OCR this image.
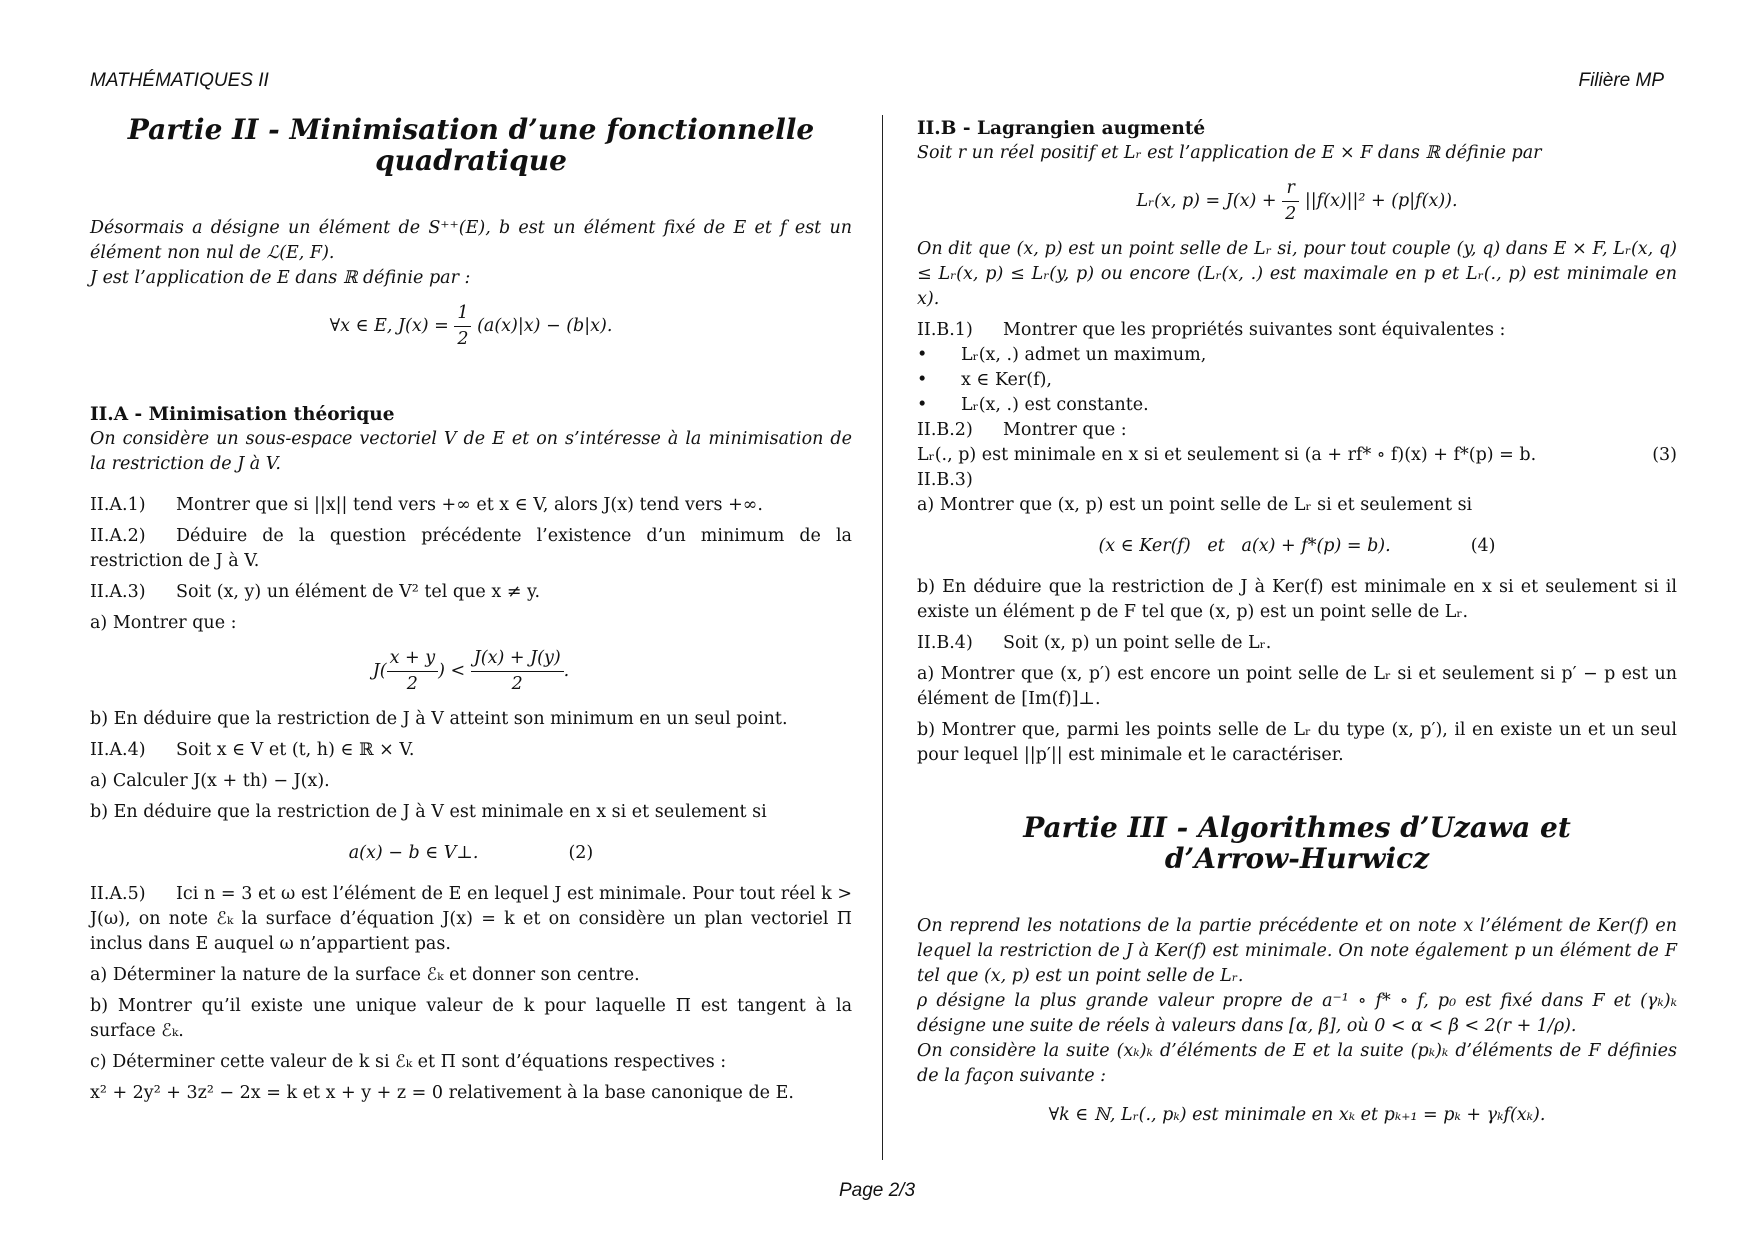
MATHÉMATIQUES II	Filière MP
Partie II - Minimisation d’une fonctionnelle
quadratique

Désormais a désigne un élément de S⁺⁺(E), b est un élément fixé de E et f est un élément non nul de ℒ(E, F).

J est l’application de E dans ℝ définie par :

∀x ∈ E, $J(x) = \frac{1}{2} (a(x)|x) - (b|x)$.

II.A - Minimisation théorique

On considère un sous-espace vectoriel V de E et on s’intéresse à la minimisation de la restriction de J à V.

II.A.1) Montrer que si ||x|| tend vers +∞ et x ∈ V, alors J(x) tend vers +∞.

II.A.2) Déduire de la question précédente l’existence d’un minimum de la restriction de J à V.

II.A.3) Soit (x, y) un élément de V² tel que x ≠ y.

a) Montrer que :

$J( \frac{x + y}{2}$ ) < $\frac{J(x) + J(y)}{2}$ .

b) En déduire que la restriction de J à V atteint son minimum en un seul point.

II.A.4) Soit x ∈ V et (t, h) ∈ ℝ × V.

a) Calculer J(x + th) − J(x).

b) En déduire que la restriction de J à V est minimale en x si et seulement si

a(x) − b ∈ V⊥.	(2)

II.A.5) Ici n = 3 et ω est l’élément de E en lequel J est minimale. Pour tout réel k > J(ω), on note ℰₖ la surface d’équation J(x) = k et on considère un plan vectoriel Π inclus dans E auquel ω n’appartient pas.

a) Déterminer la nature de la surface ℰₖ et donner son centre.

b) Montrer qu’il existe une unique valeur de k pour laquelle Π est tangent à la surface ℰₖ.

c) Déterminer cette valeur de k si ℰₖ et Π sont d’équations respectives :

x² + 2y² + 3z² − 2x = k et x + y + z = 0 relativement à la base canonique de E.

II.B - Lagrangien augmenté

Soit r un réel positif et Lᵣ est l’application de E × F dans ℝ définie par

Lᵣ(x, $p) = J(x) + \frac{r}{2} ||f(x)||^2 + (p|f(x))$.

On dit que (x, p) est un point selle de Lᵣ si, pour tout couple (y, q) dans E × F, Lᵣ(x, q) ≤ Lᵣ(x, p) ≤ Lᵣ(y, p) ou encore (Lᵣ(x, .) est maximale en p et Lᵣ(., p) est minimale en x).

II.B.1) Montrer que les propriétés suivantes sont équivalentes :

• Lᵣ(x, .) admet un maximum,

• x ∈ Ker(f),

• Lᵣ(x, .) est constante.

II.B.2) Montrer que :

Lᵣ(., p) est minimale en x si et seulement si (a + rf* ∘ f)(x) + f*(p) = b.	(3)

II.B.3)

a) Montrer que (x, p) est un point selle de Lᵣ si et seulement si

(x ∈ Ker(f)   et   a(x) + f*(p) = b).	(4)

b) En déduire que la restriction de J à Ker(f) est minimale en x si et seulement si il existe un élément p de F tel que (x, p) est un point selle de Lᵣ.

II.B.4) Soit (x, p) un point selle de Lᵣ.

a) Montrer que (x, p′) est encore un point selle de Lᵣ si et seulement si p′ − p est un élément de [Im(f)]⊥.

b) Montrer que, parmi les points selle de Lᵣ du type (x, p′), il en existe un et un seul pour lequel ||p′|| est minimale et le caractériser.

Partie III - Algorithmes d’Uzawa et
d’Arrow-Hurwicz

On reprend les notations de la partie précédente et on note x l’élément de Ker(f) en lequel la restriction de J à Ker(f) est minimale. On note également p un élément de F tel que (x, p) est un point selle de Lᵣ.

ρ désigne la plus grande valeur propre de a⁻¹ ∘ f* ∘ f, p₀ est fixé dans F et (γₖ)ₖ désigne une suite de réels à valeurs dans [α, β], où 0 < α < β < 2(r + 1/ρ).

On considère la suite (xₖ)ₖ d’éléments de E et la suite (pₖ)ₖ d’éléments de F définies de la façon suivante :

∀k ∈ ℕ, Lᵣ(., pₖ) est minimale en xₖ et pₖ₊₁ = pₖ + γₖf(xₖ).
Page 2/3
